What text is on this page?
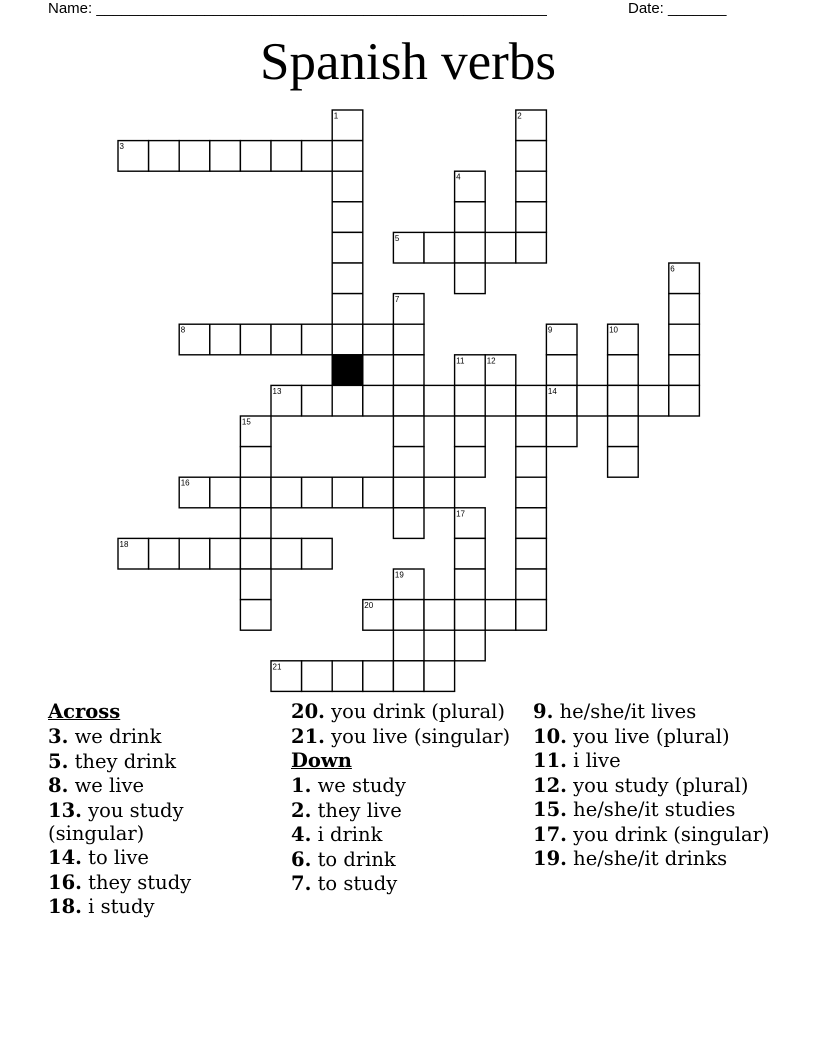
Name: ______________________________________________________	Date: _______
Spanish verbs
1	2
3
4
5
6
7
8	9	10
11	12
13	14
15
16
17
18
19
20
21
Across
3. we drink
5. they drink
8. we live
13. you study (singular)
14. to live
16. they study
18. i study
20. you drink (plural)
21. you live (singular)
Down
1. we study
2. they live
4. i drink
6. to drink
7. to study
9. he/she/it lives
10. you live (plural)
11. i live
12. you study (plural)
15. he/she/it studies
17. you drink (singular)
19. he/she/it drinks
